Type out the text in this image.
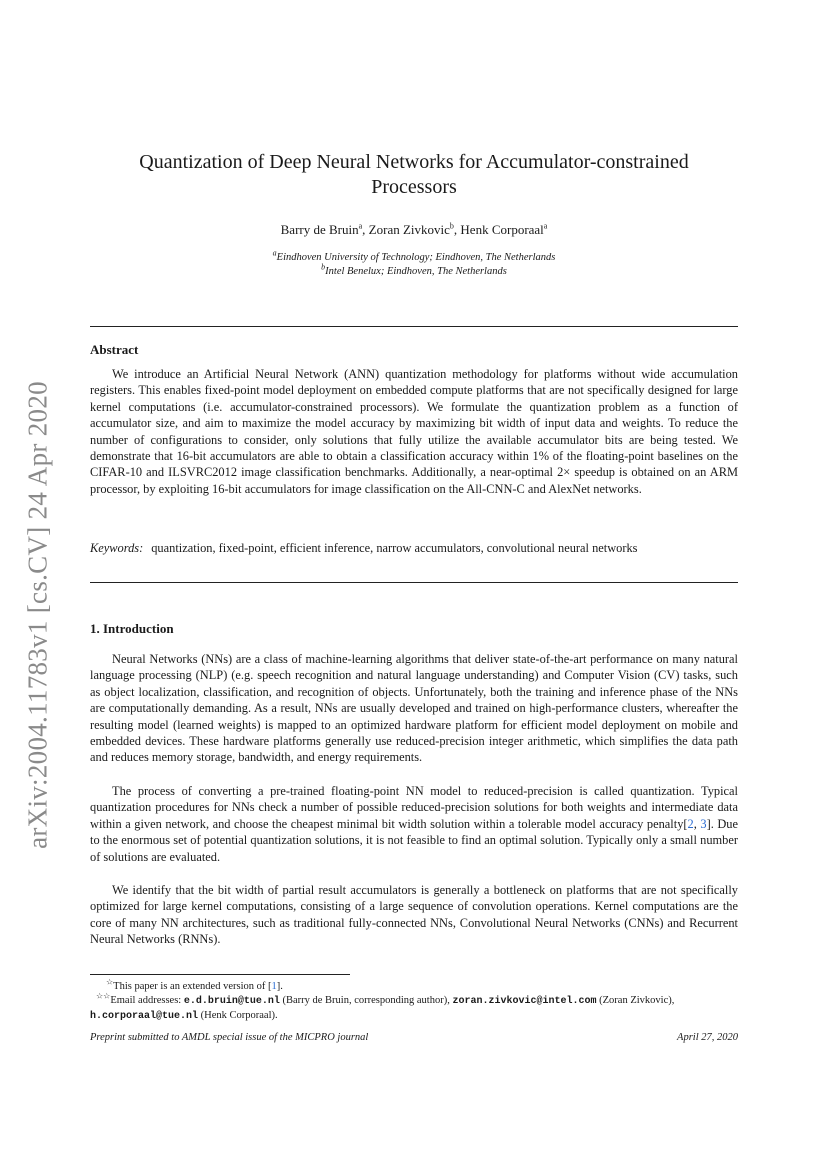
arXiv:2004.11783v1 [cs.CV] 24 Apr 2020
Quantization of Deep Neural Networks for Accumulator-constrained
Processors
Barry de Bruin$^a$, Zoran Zivkovic$^b$, Henk Corporaal$^a$
$^a$Eindhoven University of Technology; Eindhoven, The Netherlands
$^b$Intel Benelux; Eindhoven, The Netherlands
Abstract

We introduce an Artificial Neural Network (ANN) quantization methodology for platforms without wide accumulation registers. This enables fixed-point model deployment on embedded compute platforms that are not specifically designed for large kernel computations (i.e. accumulator-constrained processors). We formulate the quantization problem as a function of accumulator size, and aim to maximize the model accuracy by maximizing bit width of input data and weights. To reduce the number of configurations to consider, only solutions that fully utilize the available accumulator bits are being tested. We demonstrate that 16-bit accumulators are able to obtain a classification accuracy within 1% of the floating-point baselines on the CIFAR-10 and ILSVRC2012 image classification benchmarks. Additionally, a near-optimal 2× speedup is obtained on an ARM processor, by exploiting 16-bit accumulators for image classification on the All-CNN-C and AlexNet networks.

Keywords: quantization, fixed-point, efficient inference, narrow accumulators, convolutional neural networks
1. Introduction

Neural Networks (NNs) are a class of machine-learning algorithms that deliver state-of-the-art performance on many natural language processing (NLP) (e.g. speech recognition and natural language understanding) and Computer Vision (CV) tasks, such as object localization, classification, and recognition of objects. Unfortunately, both the training and inference phase of the NNs are computationally demanding. As a result, NNs are usually developed and trained on high-performance clusters, whereafter the resulting model (learned weights) is mapped to an optimized hardware platform for efficient model deployment on mobile and embedded devices. These hardware platforms generally use reduced-precision integer arithmetic, which simplifies the data path and reduces memory storage, bandwidth, and energy requirements.

The process of converting a pre-trained floating-point NN model to reduced-precision is called quantization. Typical quantization procedures for NNs check a number of possible reduced-precision solutions for both weights and intermediate data within a given network, and choose the cheapest minimal bit width solution within a tolerable model accuracy penalty[2, 3]. Due to the enormous set of potential quantization solutions, it is not feasible to find an optimal solution. Typically only a small number of solutions are evaluated.

We identify that the bit width of partial result accumulators is generally a bottleneck on platforms that are not specifically optimized for large kernel computations, consisting of a large sequence of convolution operations. Kernel computations are the core of many NN architectures, such as traditional fully-connected NNs, Convolutional Neural Networks (CNNs) and Recurrent Neural Networks (RNNs).

☆This paper is an extended version of [1].
☆☆Email addresses: e.d.bruin@tue.nl (Barry de Bruin, corresponding author), zoran.zivkovic@intel.com (Zoran Zivkovic),
h.corporaal@tue.nl (Henk Corporaal).
Preprint submitted to AMDL special issue of the MICPRO journal	April 27, 2020
